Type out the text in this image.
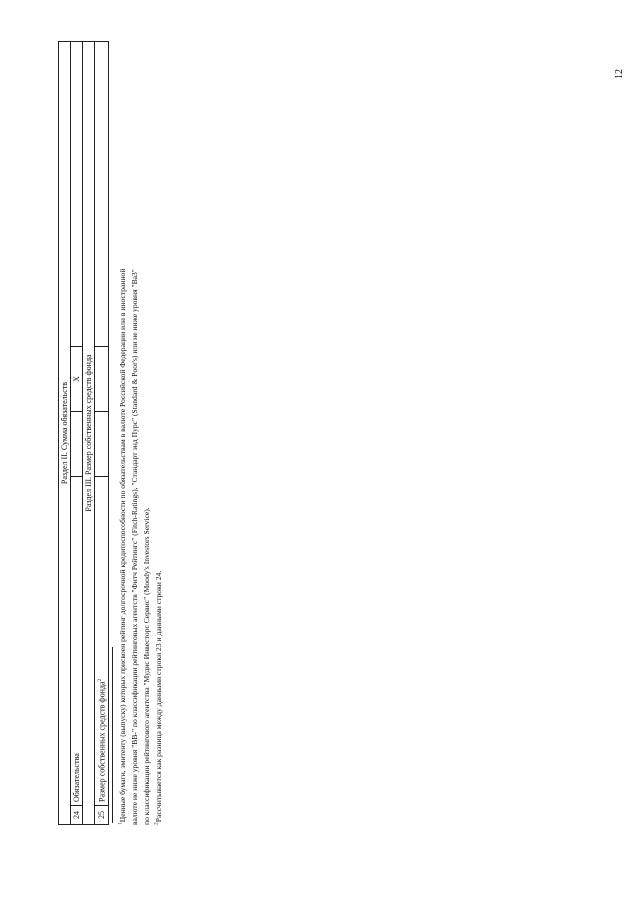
12
Раздел II. Сумма обязательств				
24	Обязательства		Х	
Раздел III. Размер собственных средств фонда				
25	Размер собственных средств фонда$^2$			

$^1$Ценные бумаги, эмитенту (выпуску) которых присвоен рейтинг долгосрочной кредитоспособности по обязательствам в валюте Российской Федерации или в иностранной валюте не ниже уровня "ВВ-" по классификации рейтинговых агентств "Фитч Рейтингс" (Fitch-Ratings), "Стандарт энд Пурс" (Standard & Poor's) или не ниже уровня "Ва3" по классификации рейтингового агентства "Мудис Инвесторс Сервис" (Moody's Investors Service). $^2$Рассчитывается как разница между данными строки 23 и данными строки 24.
